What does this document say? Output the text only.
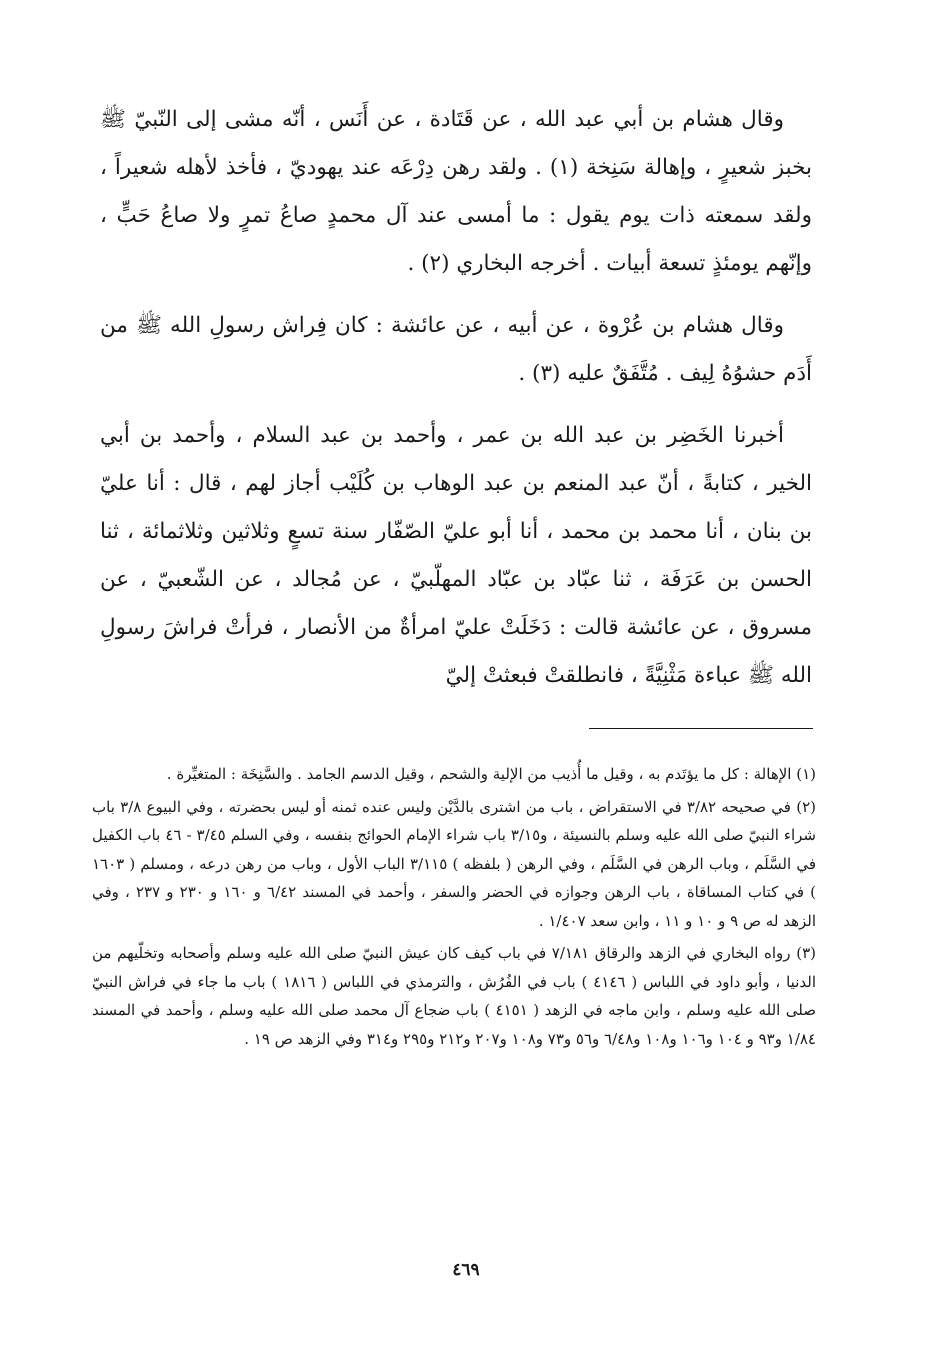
وقال هشام بن أبي عبد الله ، عن قَتَادة ، عن أَنَس ، أنّه مشى إلى النّبيّ ﷺ بخبز شعيرٍ ، وإهالة سَنِخة (١) . ولقد رهن دِرْعَه عند يهوديّ ، فأخذ لأهله شعيراً ، ولقد سمعته ذات يوم يقول : ما أمسى عند آل محمدٍ صاعُ تمرٍ ولا صاعُ حَبٍّ ، وإنّهم يومئذٍ تسعة أبيات . أخرجه البخاري (٢) .

وقال هشام بن عُرْوة ، عن أبيه ، عن عائشة : كان فِراش رسولِ الله ﷺ من أَدَم حشوُهُ لِيف . مُتَّفَقٌ عليه (٣) .

أخبرنا الخَضِر بن عبد الله بن عمر ، وأحمد بن عبد السلام ، وأحمد بن أبي الخير ، كتابةً ، أنّ عبد المنعم بن عبد الوهاب بن كُلَيْب أجاز لهم ، قال : أنا عليّ بن بنان ، أنا محمد بن محمد ، أنا أبو عليّ الصّفّار سنة تسعٍ وثلاثين وثلاثمائة ، ثنا الحسن بن عَرَفَة ، ثنا عبّاد بن عبّاد المهلّبيّ ، عن مُجالد ، عن الشّعبيّ ، عن مسروق ، عن عائشة قالت : دَخَلَتْ عليّ امرأةٌ من الأنصار ، فرأتْ فراشَ رسولِ الله ﷺ عباءة مَثْنِيَّةً ، فانطلقتْ فبعثتْ إليّ

(١) الإهالة : كل ما يؤتَدم به ، وقيل ما أُذيب من الإلية والشحم ، وقيل الدسم الجامد . والسَّنِخَة : المتغيِّرة .

(٢) في صحيحه ٣/٨٢ في الاستقراض ، باب من اشترى بالدَّيْن وليس عنده ثمنه أو ليس بحضرته ، وفي البيوع ٣/٨ باب شراء النبيّ صلى الله عليه وسلم بالنسيئة ، و٣/١٥ باب شراء الإمام الحوائج بنفسه ، وفي السلم ٣/٤٥ - ٤٦ باب الكفيل في السَّلَم ، وباب الرهن في السَّلَم ، وفي الرهن ( بلفظه ) ٣/١١٥ الباب الأول ، وباب من رهن درعه ، ومسلم ( ١٦٠٣ ) في كتاب المساقاة ، باب الرهن وجوازه في الحضر والسفر ، وأحمد في المسند ٦/٤٢ و ١٦٠ و ٢٣٠ و ٢٣٧ ، وفي الزهد له ص ٩ و ١٠ و ١١ ، وابن سعد ١/٤٠٧ .

(٣) رواه البخاري في الزهد والرقاق ٧/١٨١ في باب كيف كان عيش النبيّ صلى الله عليه وسلم وأصحابه وتخلّيهم من الدنيا ، وأبو داود في اللباس ( ٤١٤٦ ) باب في الفُرُش ، والترمذي في اللباس ( ١٨١٦ ) باب ما جاء في فراش النبيّ صلى الله عليه وسلم ، وابن ماجه في الزهد ( ٤١٥١ ) باب ضجاع آل محمد صلى الله عليه وسلم ، وأحمد في المسند ١/٨٤ و٩٣ و ١٠٤ و١٠٦ و١٠٨ و٦/٤٨ و٥٦ و٧٣ و١٠٨ و٢٠٧ و٢١٢ و٢٩٥ و٣١٤ وفي الزهد ص ١٩ .

٤٦٩
